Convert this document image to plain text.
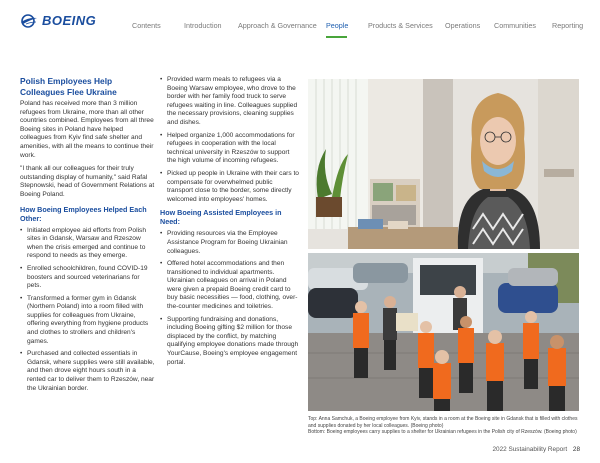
BOEING	Contents	Introduction Approach & Governance People	Products & Services Operations Communities Reporting
Polish Employees Help Colleagues Flee Ukraine

Poland has received more than 3 million refugees from Ukraine, more than all other countries combined. Employees from all three Boeing sites in Poland have helped colleagues from Kyiv find safe shelter and amenities, with all the means to continue their work.

"I thank all our colleagues for their truly outstanding display of humanity," said Rafal Stepnowski, head of Government Relations at Boeing Poland.

How Boeing Employees Helped Each Other:
• Initiated employee aid efforts from Polish sites in Gdansk, Warsaw and Rzeszow when the crisis emerged and continue to respond to needs as they emerge.
• Enrolled schoolchildren, found COVID-19 boosters and sourced veterinarians for pets.
• Transformed a former gym in Gdansk (Northern Poland) into a room filled with supplies for colleagues from Ukraine, offering everything from hygiene products and clothes to strollers and children's games.
• Purchased and collected essentials in Gdansk, where supplies were still available, and then drove eight hours south in a rented car to deliver them to Rzeszów, near the Ukrainian border.
• Provided warm meals to refugees via a Boeing Warsaw employee, who drove to the border with her family food truck to serve refugees waiting in line. Colleagues supplied the necessary provisions, cleaning supplies and dishes.
• Helped organize 1,000 accommodations for refugees in cooperation with the local technical university in Rzeszów to support the high volume of incoming refugees.
• Picked up people in Ukraine with their cars to compensate for overwhelmed public transport close to the border, some directly welcomed into employees' homes.
How Boeing Assisted Employees in Need:
• Providing resources via the Employee Assistance Program for Boeing Ukrainian colleagues.
• Offered hotel accommodations and then transitioned to individual apartments. Ukrainian colleagues on arrival in Poland were given a prepaid Boeing credit card to buy basic necessities — food, clothing, over-the-counter medicines and toiletries.
• Supporting fundraising and donations, including Boeing gifting $2 million for those displaced by the conflict, by matching qualifying employee donations made through YourCause, Boeing's employee engagement portal.
Top: Anna Samchuk, a Boeing employee from Kyiv, stands in a room at the Boeing site in Gdansk that is filled with clothes and supplies donated by her local colleagues. (Boeing photo)
Bottom: Boeing employees carry supplies to a shelter for Ukrainian refugees in the Polish city of Rzeszów. (Boeing photo)
2022 Sustainability Report 28
